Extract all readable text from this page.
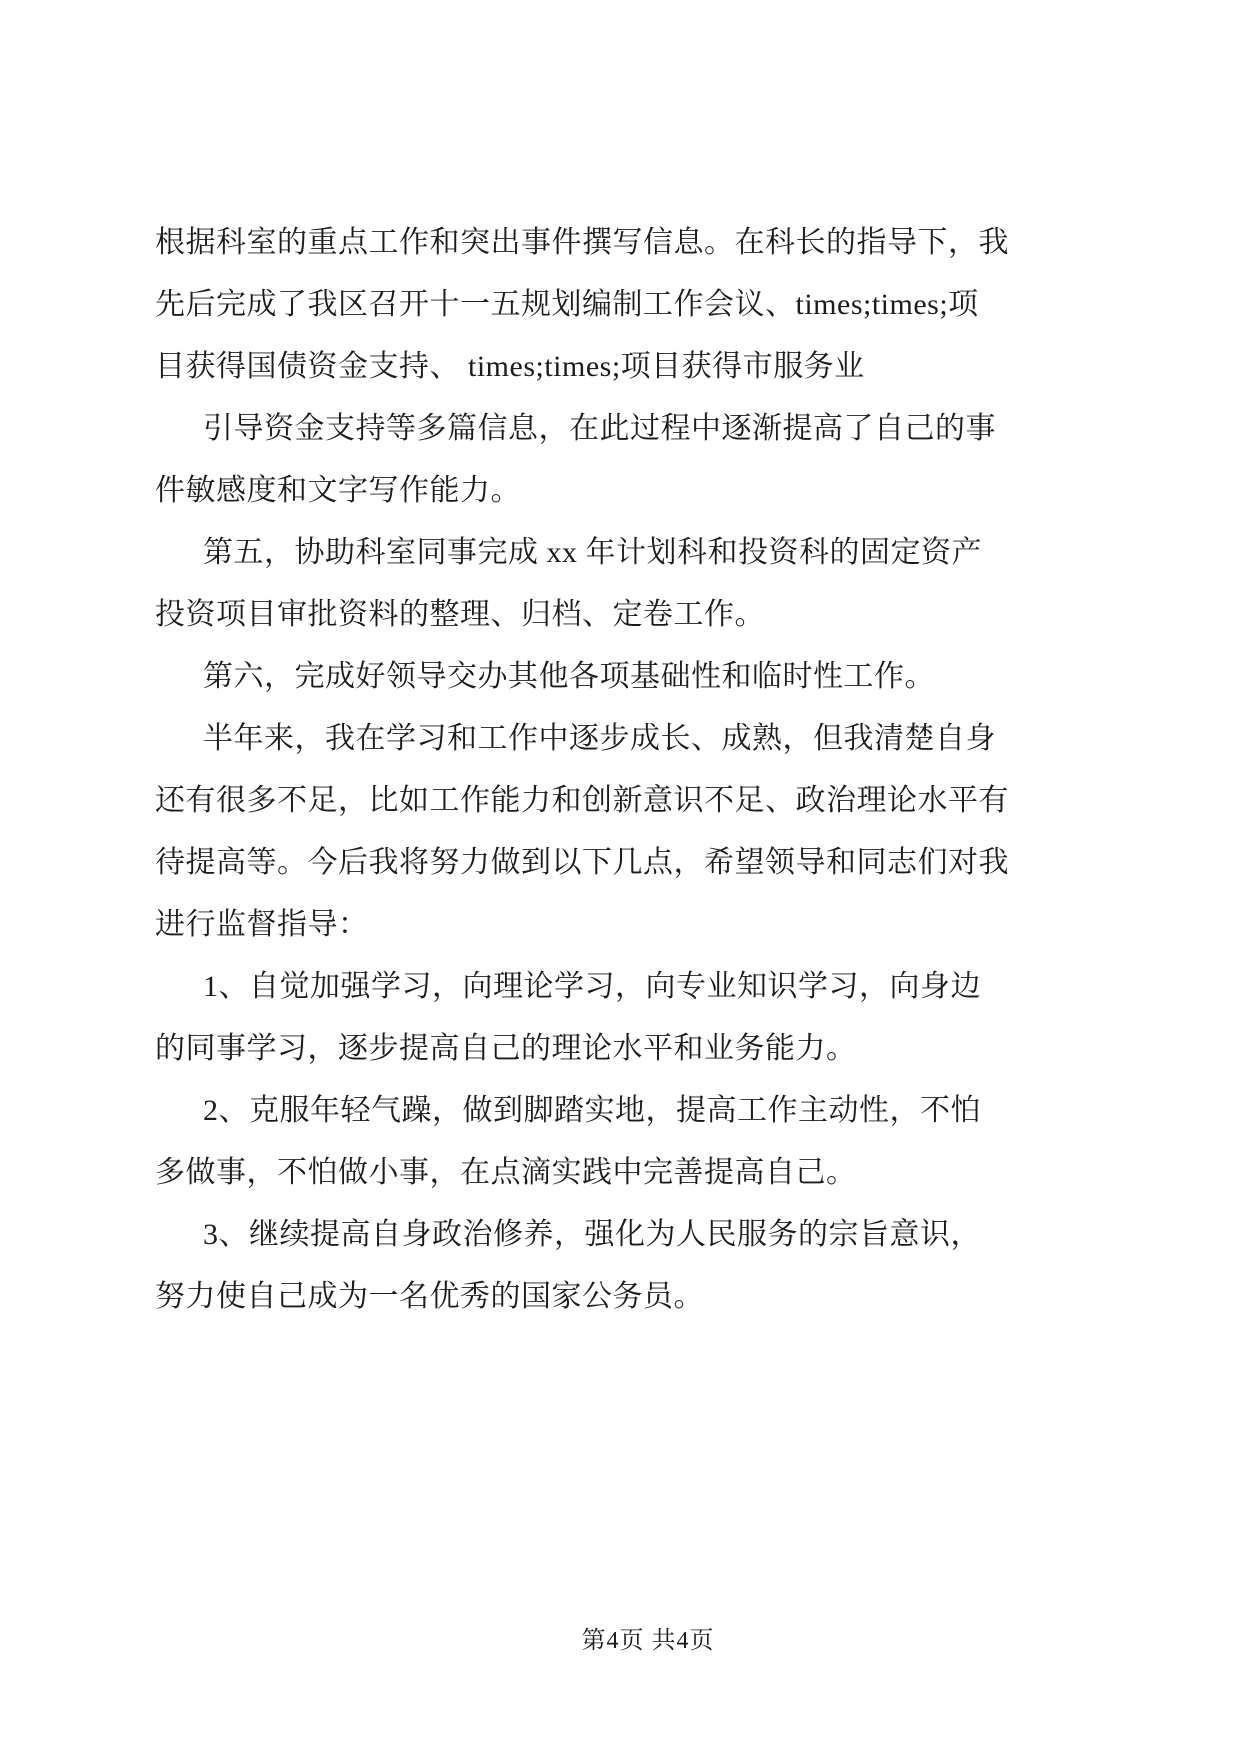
根据科室的重点工作和突出事件撰写信息。在科长的指导下，我
先后完成了我区召开十一五规划编制工作会议、times;times;项
目获得国债资金支持、 times;times;项目获得市服务业
引导资金支持等多篇信息，在此过程中逐渐提高了自己的事
件敏感度和文字写作能力。
第五，协助科室同事完成 xx 年计划科和投资科的固定资产
投资项目审批资料的整理、归档、定卷工作。
第六，完成好领导交办其他各项基础性和临时性工作。
半年来，我在学习和工作中逐步成长、成熟，但我清楚自身
还有很多不足，比如工作能力和创新意识不足、政治理论水平有
待提高等。今后我将努力做到以下几点，希望领导和同志们对我
进行监督指导：
1、自觉加强学习，向理论学习，向专业知识学习，向身边
的同事学习，逐步提高自己的理论水平和业务能力。
2、克服年轻气躁，做到脚踏实地，提高工作主动性，不怕
多做事，不怕做小事，在点滴实践中完善提高自己。
3、继续提高自身政治修养，强化为人民服务的宗旨意识，
努力使自己成为一名优秀的国家公务员。
第4页 共4页
